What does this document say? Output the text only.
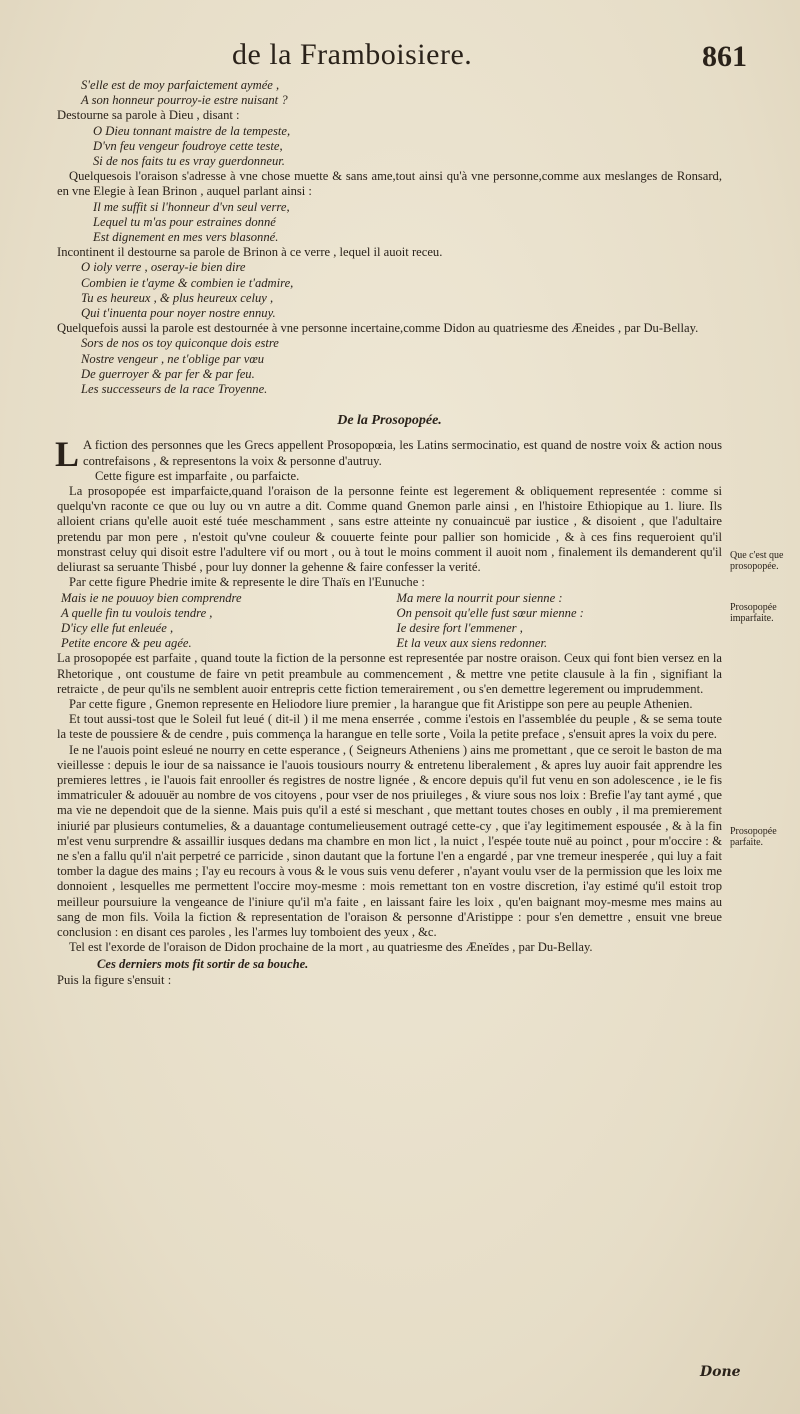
de la Framboisiere.	861
S'elle est de moy parfaictement aymée ,
A son honneur pourroy-ie estre nuisant ?
Destourne sa parole à Dieu , disant :
O Dieu tonnant maistre de la tempeste,
D'vn feu vengeur foudroye cette teste,
Si de nos faits tu es vray guerdonneur.
Quelquesois l'oraison s'adresse à vne chose muette & sans ame,tout ainsi qu'à vne personne,comme aux meslanges de Ronsard, en vne Elegie à Iean Brinon , auquel parlant ainsi :
Il me suffit si l'honneur d'vn seul verre,
Lequel tu m'as pour estraines donné
Est dignement en mes vers blasonné.
Incontinent il destourne sa parole de Brinon à ce verre , lequel il auoit receu.
O ioly verre , oseray-ie bien dire
Combien ie t'ayme & combien ie t'admire,
Tu es heureux , & plus heureux celuy ,
Qui t'inuenta pour noyer nostre ennuy.
Quelquefois aussi la parole est destournée à vne personne incertaine,comme Didon au quatriesme des Æneides , par Du-Bellay.
Sors de nos os toy quiconque dois estre
Nostre vengeur , ne t'oblige par vœu
De guerroyer & par fer & par feu.
Les successeurs de la race Troyenne.
De la Prosopopée.
L A fiction des personnes que les Grecs appellent Prosopopœia, les Latins sermocinatio, est quand de nostre voix & action nous contrefaisons , & representons la voix & personne d'autruy.
Cette figure est imparfaite , ou parfaicte.
La prosopopée est imparfaicte,quand l'oraison de la personne feinte est legerement & obliquement representée : comme si quelqu'vn raconte ce que ou luy ou vn autre a dit. Comme quand Gnemon parle ainsi , en l'histoire Ethiopique au 1. liure. Ils alloient crians qu'elle auoit esté tuée meschamment , sans estre atteinte ny conuaincuë par iustice , & disoient , que l'adultaire pretendu par mon pere , n'estoit qu'vne couleur & couuerte feinte pour pallier son homicide , & à ces fins requeroient qu'il monstrast celuy qui disoit estre l'adultere vif ou mort , ou à tout le moins comment il auoit nom , finalement ils demanderent qu'il deliurast sa seruante Thisbé , pour luy donner la gehenne & faire confesser la verité.
Par cette figure Phedrie imite & represente le dire Thaïs en l'Eunuche :
Mais ie ne pouuoy bien comprendre
A quelle fin tu voulois tendre ,
D'icy elle fut enleuée ,
Petite encore & peu agée.
Ma mere la nourrit pour sienne :
On pensoit qu'elle fust sœur mienne :
Ie desire fort l'emmener ,
Et la veux aux siens redonner.
La prosopopée est parfaite , quand toute la fiction de la personne est representée par nostre oraison. Ceux qui font bien versez en la Rhetorique , ont coustume de faire vn petit preambule au commencement , & mettre vne petite clausule à la fin , signifiant la retraicte , de peur qu'ils ne semblent auoir entrepris cette fiction temerairement , ou s'en demettre legerement ou imprudemment.
Par cette figure , Gnemon represente en Heliodore liure premier , la harangue que fit Aristippe son pere au peuple Athenien.
Et tout aussi-tost que le Soleil fut leué ( dit-il ) il me mena enserrée , comme i'estois en l'assemblée du peuple , & se sema toute la teste de poussiere & de cendre , puis commença la harangue en telle sorte , Voila la petite preface , s'ensuit apres la voix du pere.
Ie ne l'auois point esleué ne nourry en cette esperance , ( Seigneurs Atheniens ) ains me promettant , que ce seroit le baston de ma vieillesse : depuis le iour de sa naissance ie l'auois tousiours nourry & entretenu liberalement , & apres luy auoir fait apprendre les premieres lettres , ie l'auois fait enrooller és registres de nostre lignée , & encore depuis qu'il fut venu en son adolescence , ie le fis immatriculer & adouuër au nombre de vos citoyens , pour vser de nos priuileges , & viure sous nos loix : Brefie l'ay tant aymé , que ma vie ne dependoit que de la sienne. Mais puis qu'il a esté si meschant , que mettant toutes choses en oubly , il ma premierement iniurié par plusieurs contumelies, & a dauantage contumelieusement outragé cette-cy , que i'ay legitimement espousée , & à la fin m'est venu surprendre & assaillir iusques dedans ma chambre en mon lict , la nuict , l'espée toute nuë au poinct , pour m'occire : & ne s'en a fallu qu'il n'ait perpetré ce parricide , sinon dautant que la fortune l'en a engardé , par vne tremeur inesperée , qui luy a fait tomber la dague des mains ; I'ay eu recours à vous & le vous suis venu deferer , n'ayant voulu vser de la permission que les loix me donnoient , lesquelles me permettent l'occire moy-mesme : mois remettant ton en vostre discretion, i'ay estimé qu'il estoit trop meilleur poursuiure la vengeance de l'iniure qu'il m'a faite , en laissant faire les loix , qu'en baignant moy-mesme mes mains au sang de mon fils. Voila la fiction & representation de l'oraison & personne d'Aristippe : pour s'en demettre , ensuit vne breue conclusion : en disant ces paroles , les l'armes luy tomboient des yeux , &c.
Tel est l'exorde de l'oraison de Didon prochaine de la mort , au quatriesme des Æneïdes , par Du-Bellay.
Ces derniers mots fit sortir de sa bouche.
Puis la figure s'ensuit :
Que c'est que prosopopée.
Prosopopée imparfaite.
Prosopopée parfaite.
Done
